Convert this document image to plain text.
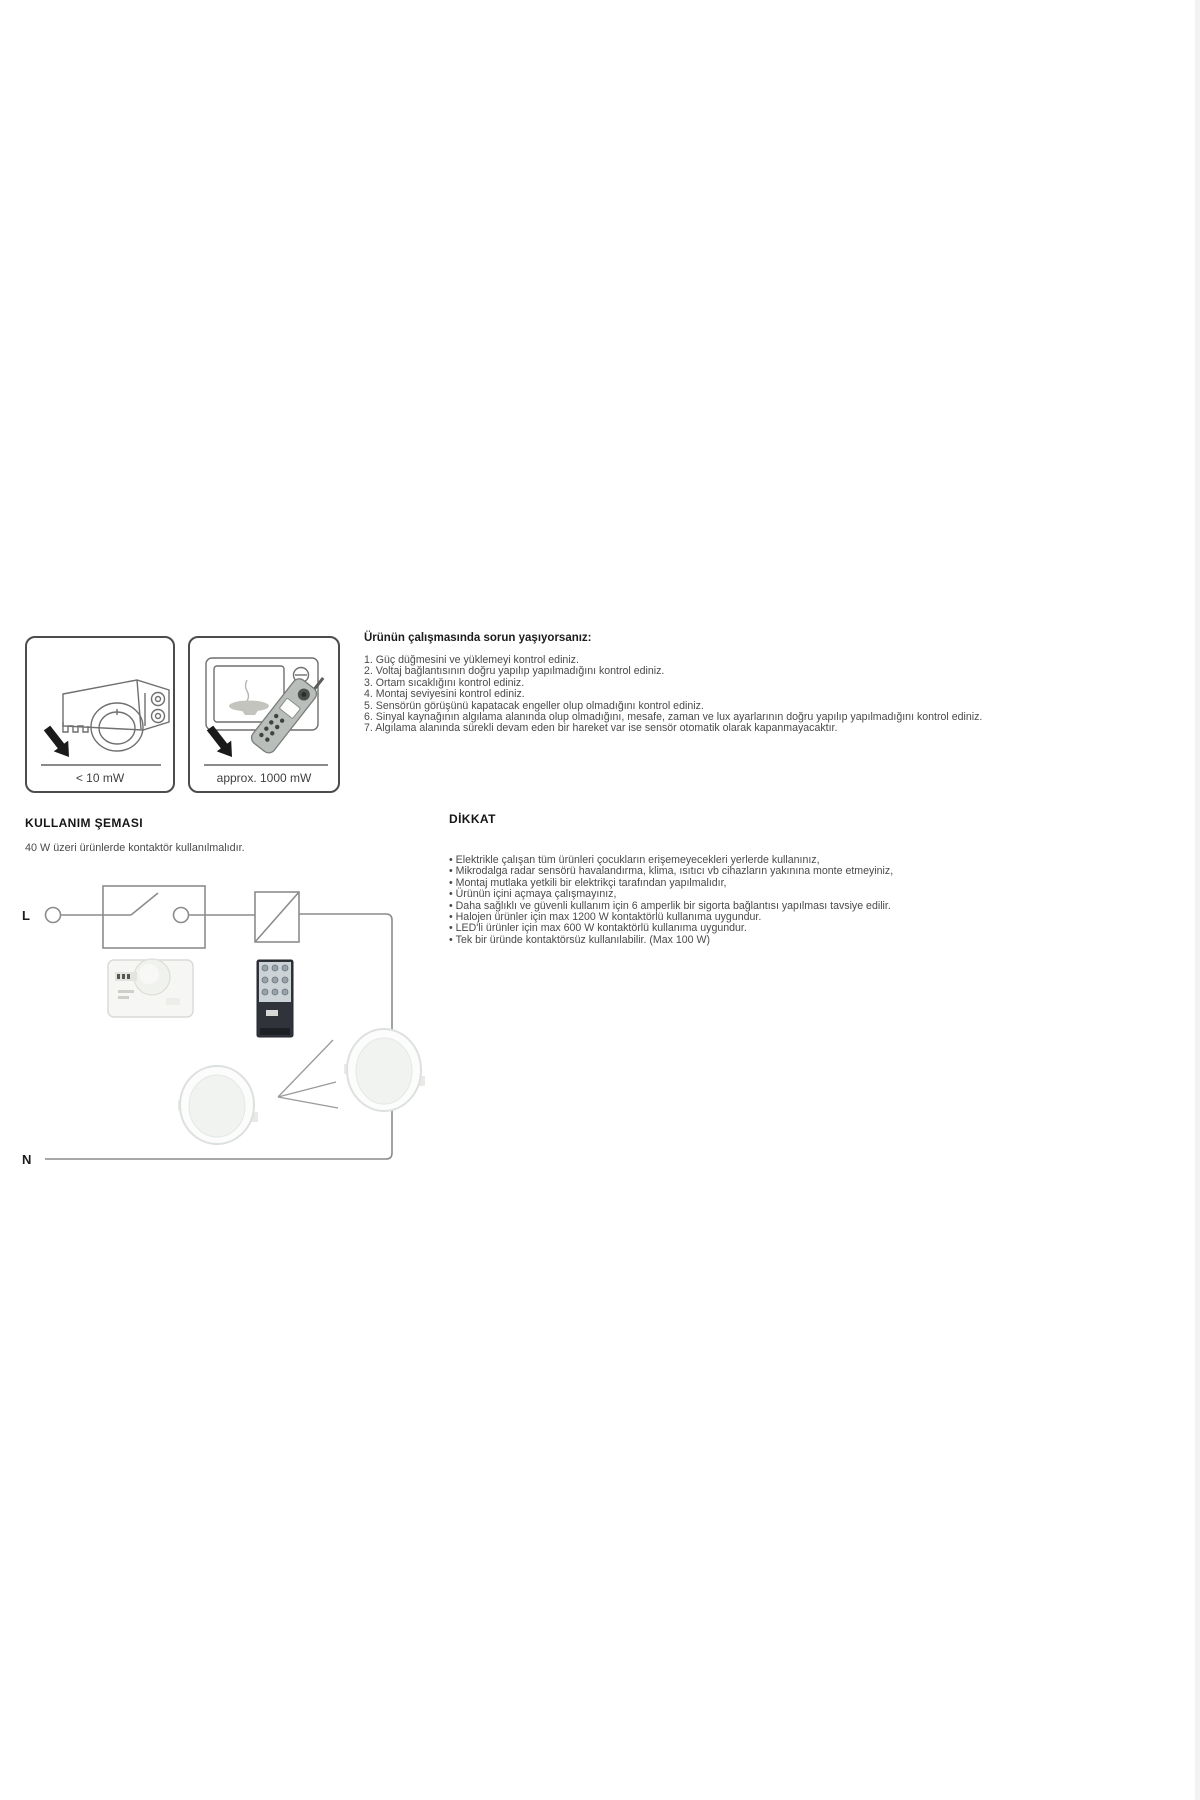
< 10 mW	approx. 1000 mW
Ürünün çalışmasında sorun yaşıyorsanız:
1. Güç düğmesini ve yüklemeyi kontrol ediniz.
2. Voltaj bağlantısının doğru yapılıp yapılmadığını kontrol ediniz.
3. Ortam sıcaklığını kontrol ediniz.
4. Montaj seviyesini kontrol ediniz.
5. Sensörün görüşünü kapatacak engeller olup olmadığını kontrol ediniz.
6. Sinyal kaynağının algılama alanında olup olmadığını, mesafe, zaman ve lux ayarlarının doğru yapılıp yapılmadığını kontrol ediniz.
7. Algılama alanında sürekli devam eden bir hareket var ise sensör otomatik olarak kapanmayacaktır.
KULLANIM ŞEMASI
40 W üzeri ürünlerde kontaktör kullanılmalıdır.
DİKKAT
• Elektrikle çalışan tüm ürünleri çocukların erişemeyecekleri yerlerde kullanınız,
• Mikrodalga radar sensörü havalandırma, klima, ısıtıcı vb cihazların yakınına monte etmeyiniz,
• Montaj mutlaka yetkili bir elektrikçi tarafından yapılmalıdır,
• Ürünün içini açmaya çalışmayınız,
• Daha sağlıklı ve güvenli kullanım için 6 amperlik bir sigorta bağlantısı yapılması tavsiye edilir.
• Halojen ürünler için max 1200 W kontaktörlü kullanıma uygundur.
• LED'li ürünler için max 600 W kontaktörlü kullanıma uygundur.
• Tek bir üründe kontaktörsüz kullanılabilir. (Max 100 W)
L
N
